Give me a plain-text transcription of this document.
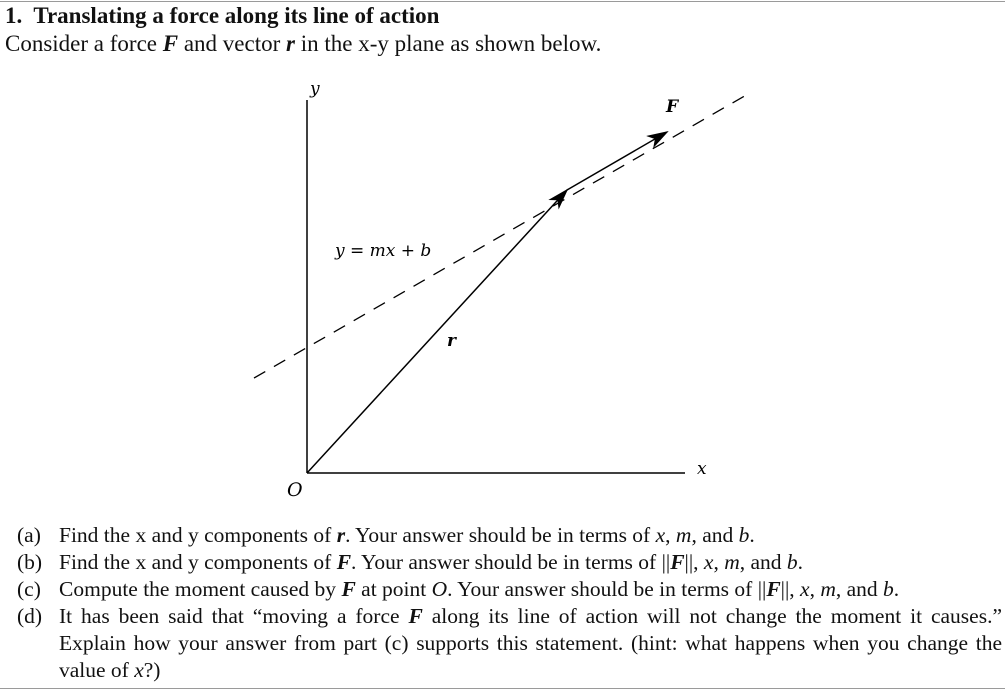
1. Translating a force along its line of action
Consider a force F and vector r in the x-y plane as shown below.
y
x
O
y = mx + b
r
F
(a) Find the x and y components of r. Your answer should be in terms of x, m, and b.
(b) Find the x and y components of F. Your answer should be in terms of ||F||, x, m, and b.
(c) Compute the moment caused by F at point O. Your answer should be in terms of ||F||, x, m, and b.
(d) It has been said that “moving a force F along its line of action will not change the moment it causes.” Explain how your answer from part (c) supports this statement. (hint: what happens when you change the value of x?)
